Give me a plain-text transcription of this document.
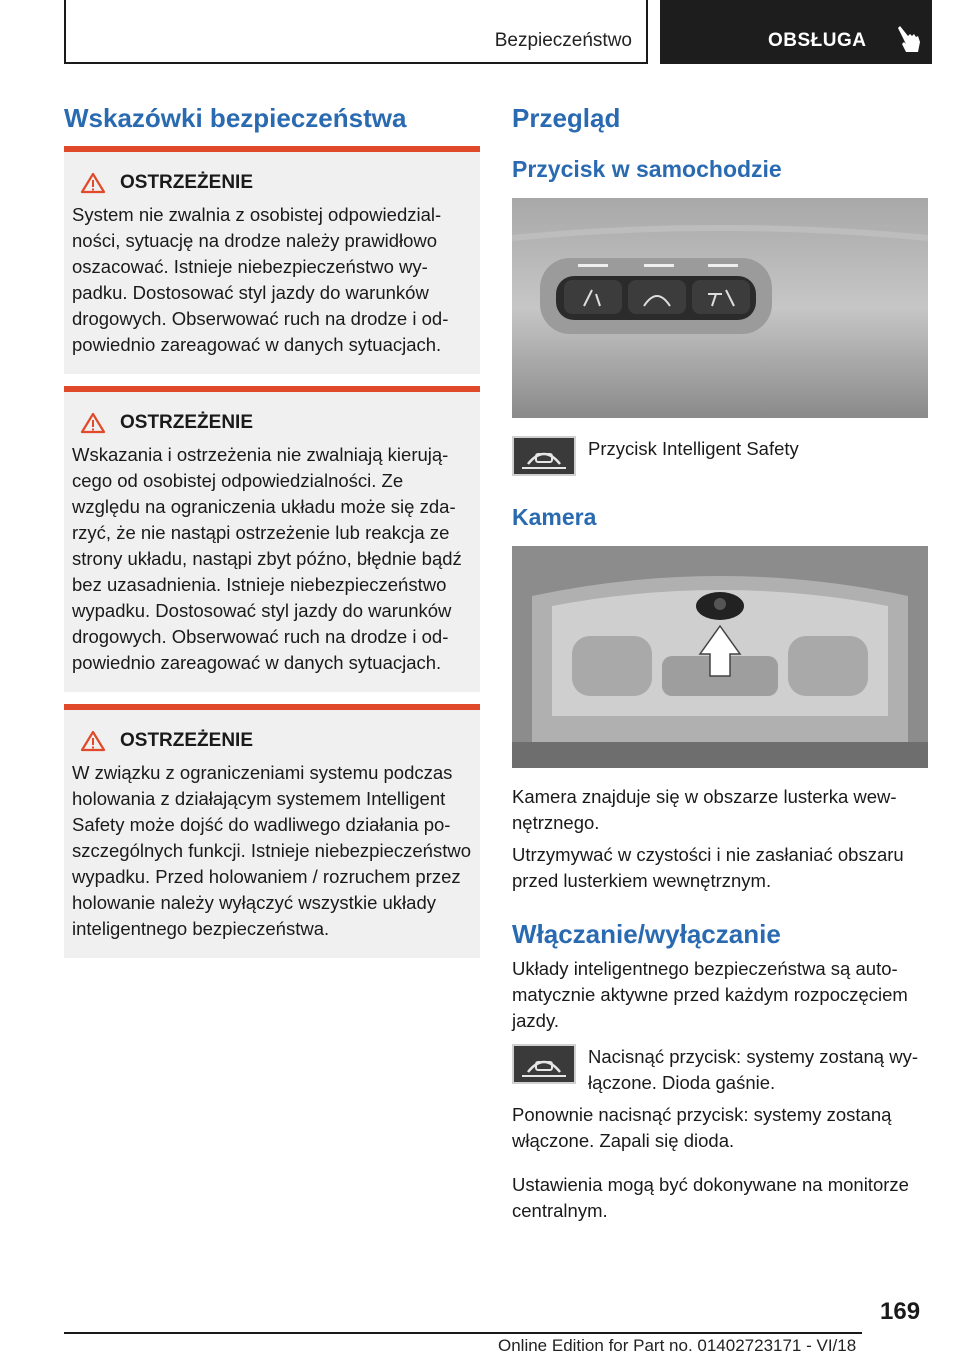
Bezpieczeństwo	OBSŁUGA
Wskazówki bezpieczeństwa
OSTRZEŻENIE

System nie zwalnia z osobistej odpowiedzialności, sytuację na drodze należy prawidłowo oszacować. Istnieje niebezpieczeństwo wypadku. Dostosować styl jazdy do warunków drogowych. Obserwować ruch na drodze i odpowiednio zareagować w danych sytuacjach.

OSTRZEŻENIE

Wskazania i ostrzeżenia nie zwalniają kierującego od osobistej odpowiedzialności. Ze względu na ograniczenia układu może się zdarzyć, że nie nastąpi ostrzeżenie lub reakcja ze strony układu, nastąpi zbyt późno, błędnie bądź bez uzasadnienia. Istnieje niebezpieczeństwo wypadku. Dostosować styl jazdy do warunków drogowych. Obserwować ruch na drodze i odpowiednio zareagować w danych sytuacjach.

OSTRZEŻENIE

W związku z ograniczeniami systemu podczas holowania z działającym systemem Intelligent Safety może dojść do wadliwego działania poszczególnych funkcji. Istnieje niebezpieczeństwo wypadku. Przed holowaniem / rozruchem przez holowanie należy wyłączyć wszystkie układy inteligentnego bezpieczeństwa.

Przegląd
Przycisk w samochodzie

Przycisk Intelligent Safety

Kamera

Kamera znajduje się w obszarze lusterka wewnętrznego.

Utrzymywać w czystości i nie zasłaniać obszaru przed lusterkiem wewnętrznym.

Włączanie/wyłączanie

Układy inteligentnego bezpieczeństwa są automatycznie aktywne przed każdym rozpoczęciem jazdy.

Nacisnąć przycisk: systemy zostaną wyłączone. Dioda gaśnie.

Ponownie nacisnąć przycisk: systemy zostaną włączone. Zapali się dioda.

Ustawienia mogą być dokonywane na monitorze centralnym.

169
Online Edition for Part no. 01402723171 - VI/18
